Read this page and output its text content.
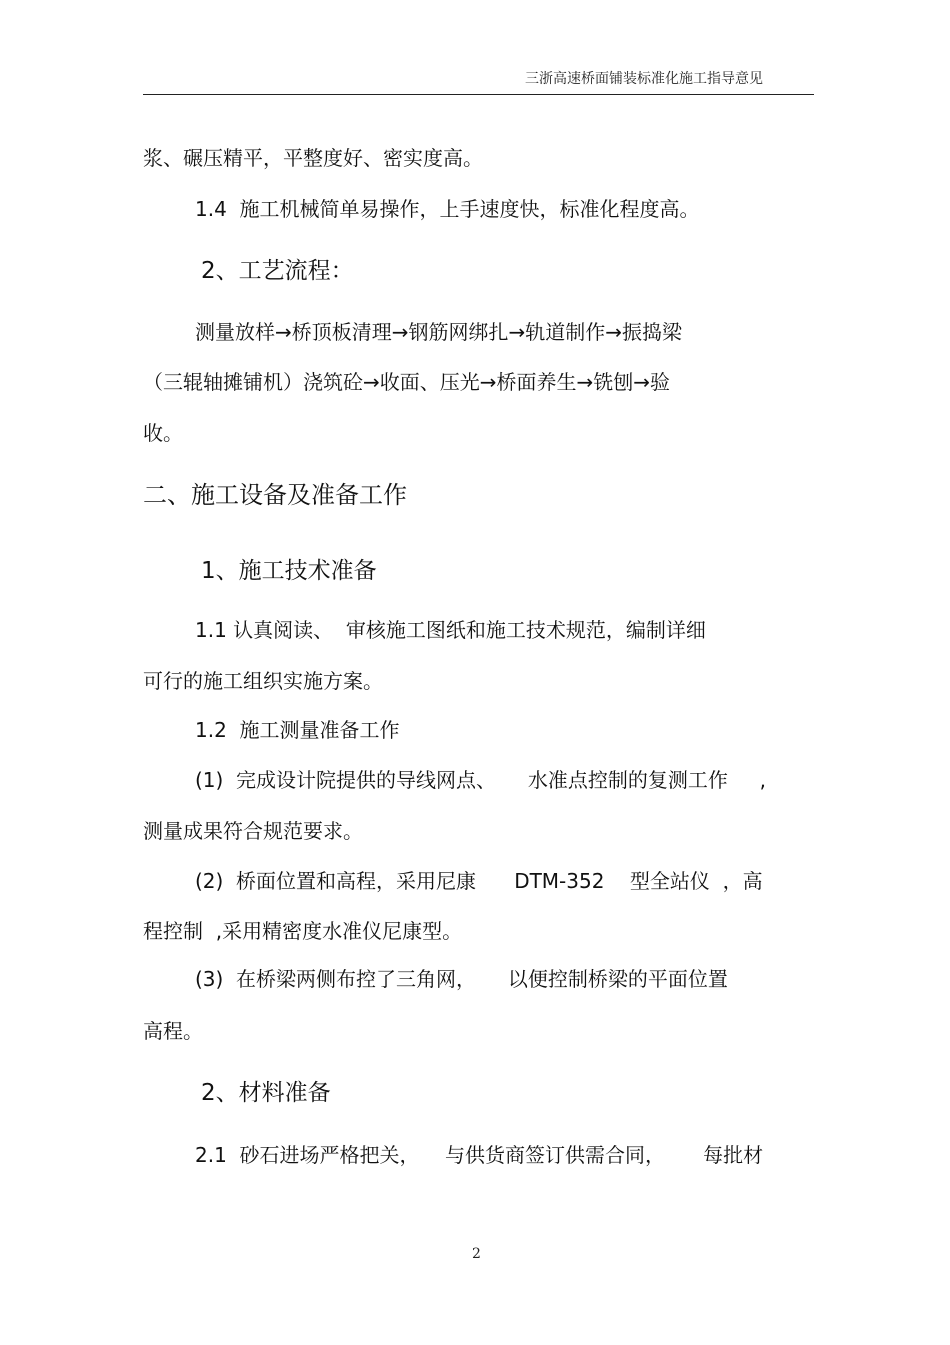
三浙高速桥面铺装标准化施工指导意见
浆、碾压精平，平整度好、密实度高。
1.4  施工机械简单易操作，上手速度快，标准化程度高。
2、工艺流程：
测量放样→桥顶板清理→钢筋网绑扎→轨道制作→振捣梁
（三辊轴摊铺机）浇筑砼→收面、压光→桥面养生→铣刨→验
收。
二、施工设备及准备工作
1、施工技术准备
1.1 认真阅读、  审核施工图纸和施工技术规范，编制详细
可行的施工组织实施方案。
1.2  施工测量准备工作
(1)  完成设计院提供的导线网点、     水准点控制的复测工作     ,
测量成果符合规范要求。
(2)  桥面位置和高程，采用尼康      DTM-352    型全站仪  ，高
程控制  ,采用精密度水准仪尼康型。
(3)  在桥梁两侧布控了三角网，     以便控制桥梁的平面位置
高程。
2、材料准备
2.1  砂石进场严格把关，    与供货商签订供需合同，      每批材
2
